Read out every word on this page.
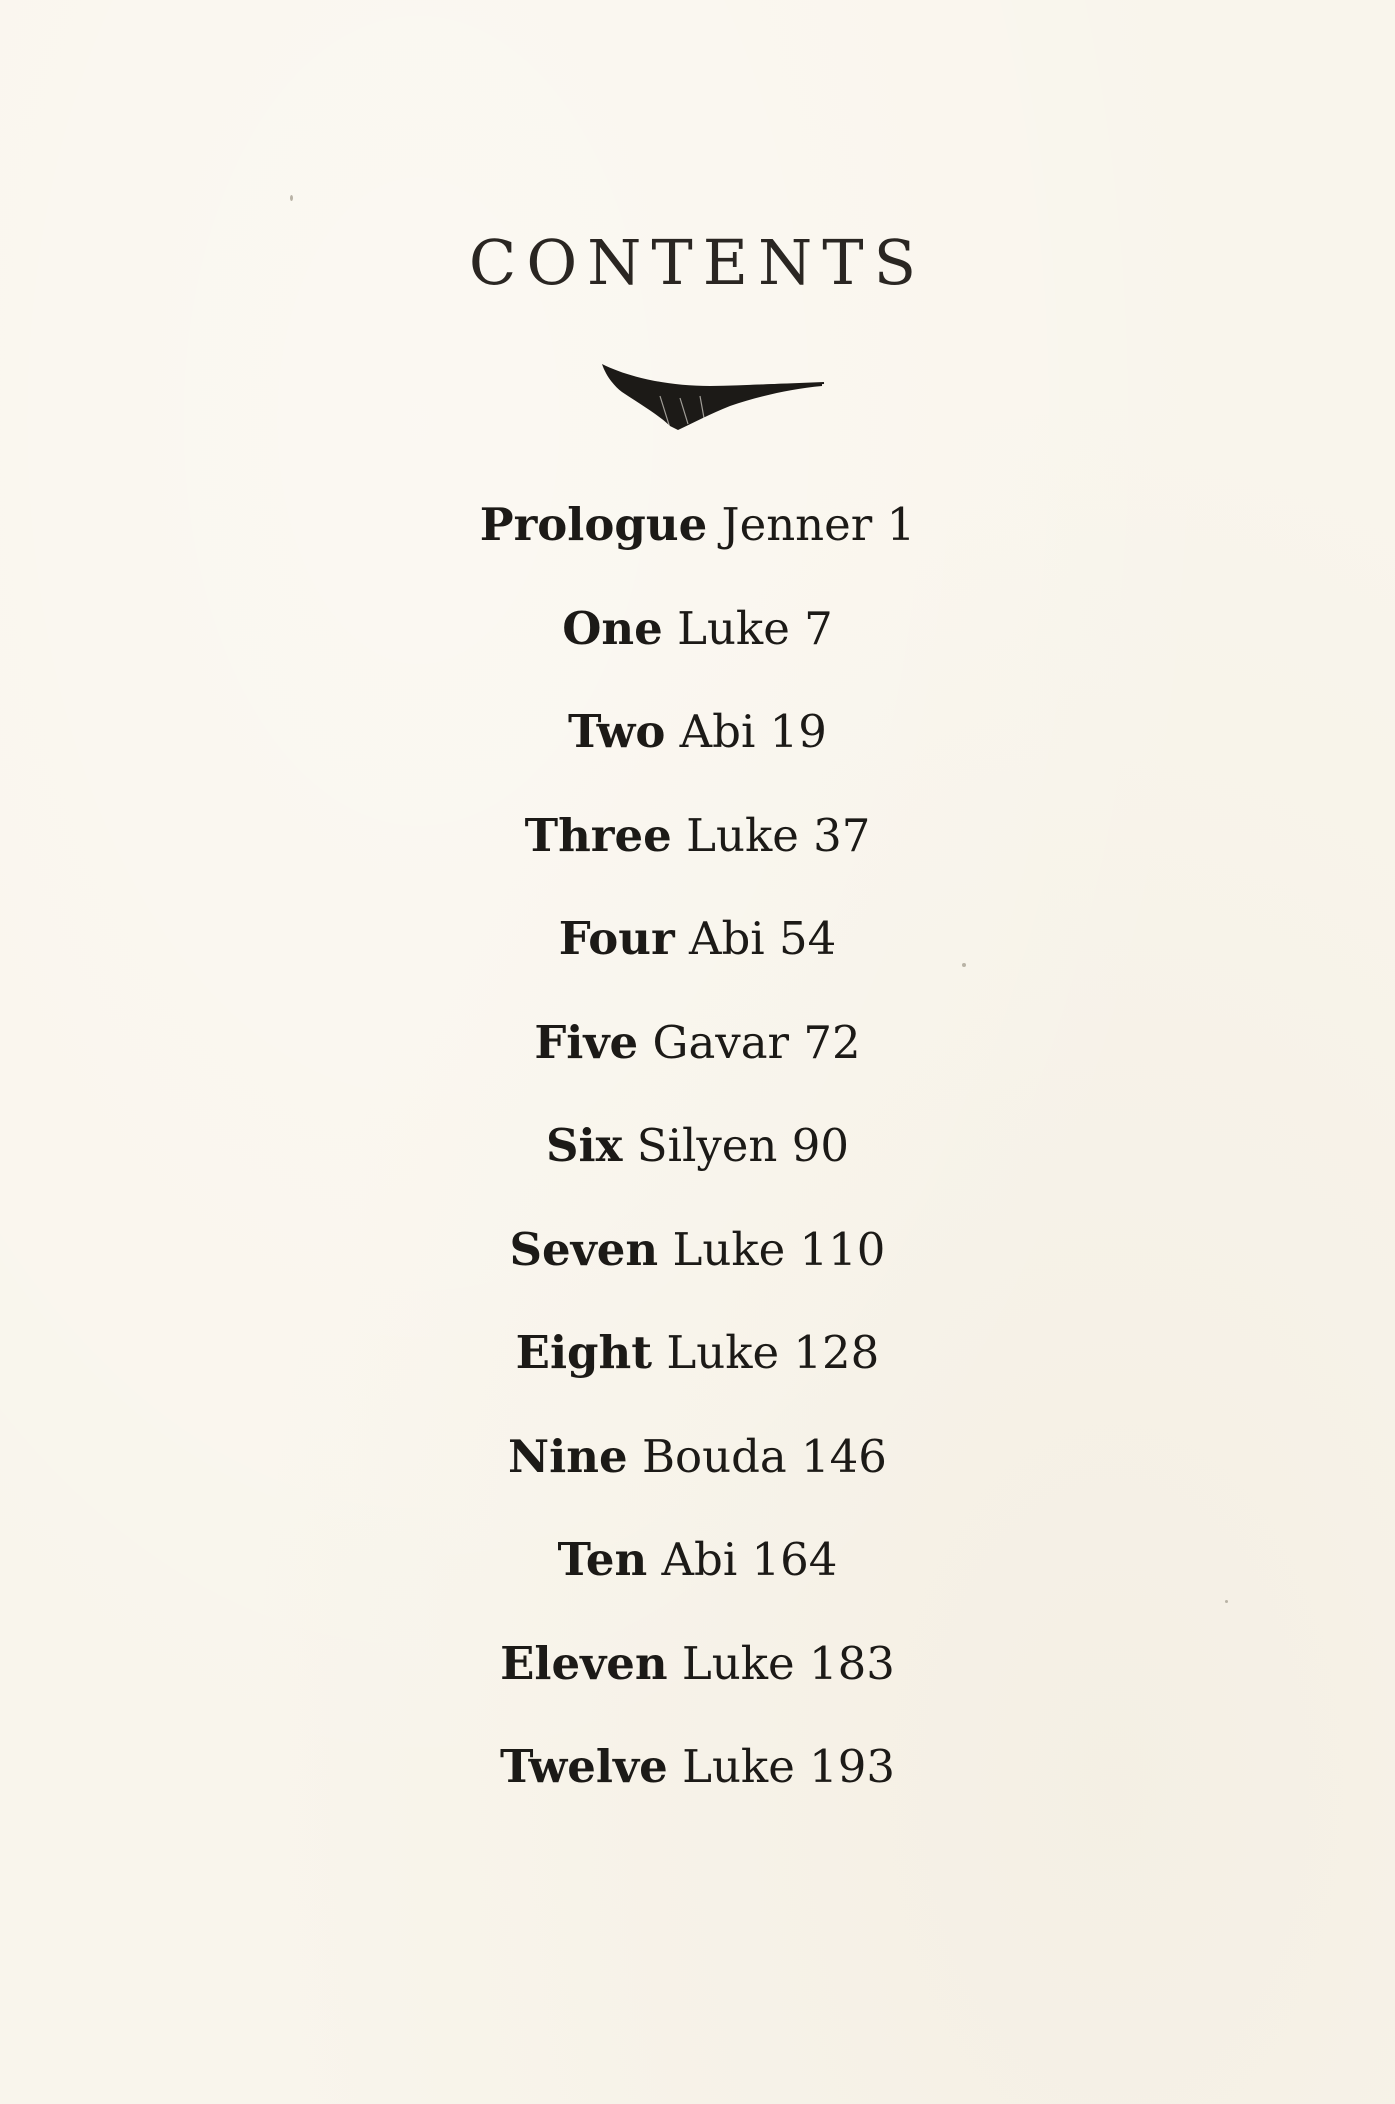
CONTENTS
Prologue Jenner 1
One Luke 7
Two Abi 19
Three Luke 37
Four Abi 54
Five Gavar 72
Six Silyen 90
Seven Luke 110
Eight Luke 128
Nine Bouda 146
Ten Abi 164
Eleven Luke 183
Twelve Luke 193
